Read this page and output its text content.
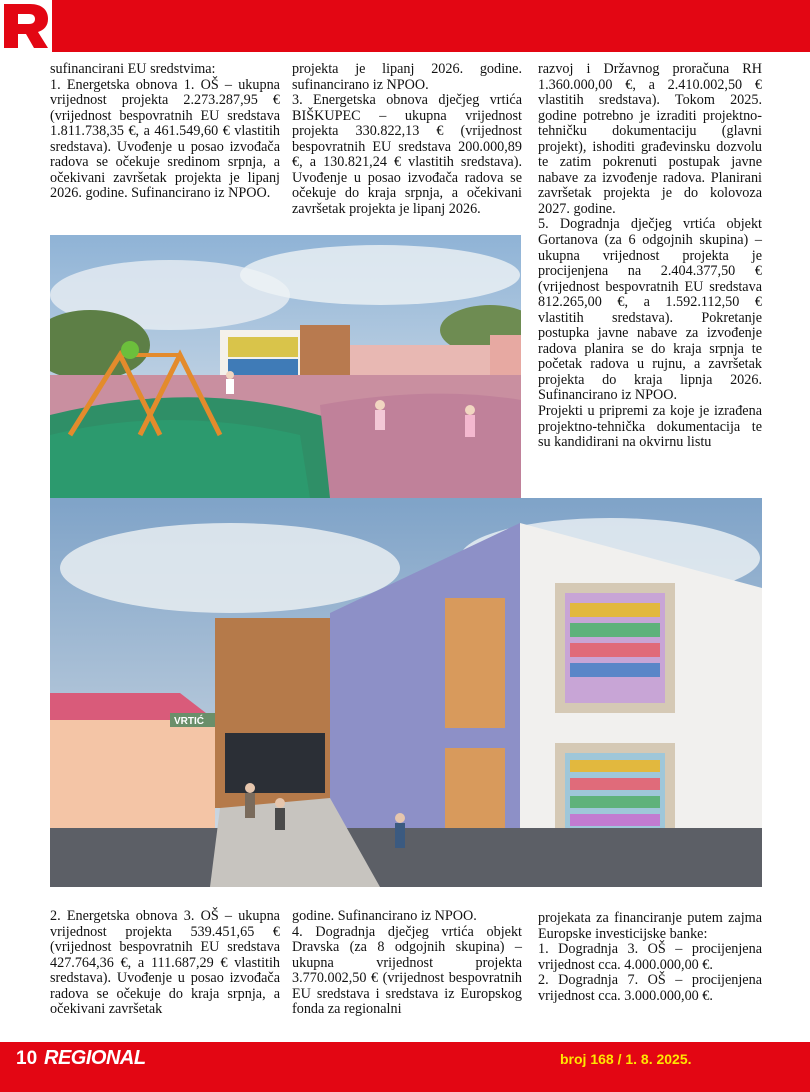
sufinancirani EU sredstvima:

1. Energetska obnova 1. OŠ – ukupna vrijednost projekta 2.273.287,95 € (vrijednost bespovratnih EU sredstava 1.811.738,35 €, a 461.549,60 € vlastitih sredstava). Uvođenje u posao izvođača radova se očekuje sredinom srpnja, a očekivani završetak projekta je lipanj 2026. godine. Sufinancirano iz NPOO.

projekta je lipanj 2026. godine. sufinancirano iz NPOO.

3. Energetska obnova dječjeg vrtića BIŠKUPEC – ukupna vrijednost projekta 330.822,13 € (vrijednost bespovratnih EU sredstava 200.000,89 €, a 130.821,24 € vlastitih sredstava). Uvođenje u posao izvođača radova se očekuje do kraja srpnja, a očekivani završetak projekta je lipanj 2026.

razvoj i Državnog proračuna RH 1.360.000,00 €, a 2.410.002,50 € vlastitih sredstava). Tokom 2025. godine potrebno je izraditi projektno-tehničku dokumentaciju (glavni projekt), ishoditi građevinsku dozvolu te zatim pokrenuti postupak javne nabave za izvođenje radova. Planirani završetak projekta je do kolovoza 2027. godine.

5. Dogradnja dječjeg vrtića objekt Gortanova (za 6 odgojnih skupina) – ukupna vrijednost projekta je procijenjena na 2.404.377,50 € (vrijednost bespovratnih EU sredstava 812.265,00 €, a 1.592.112,50 € vlastitih sredstava). Pokretanje postupka javne nabave za izvođenje radova planira se do kraja srpnja te početak radova u rujnu, a završetak projekta do kraja lipnja 2026. Sufinancirano iz NPOO.

Projekti u pripremi za koje je izrađena projektno-tehnička dokumentacija te su kandidirani na okvirnu listu

VRTIĆ

2. Energetska obnova 3. OŠ – ukupna vrijednost projekta 539.451,65 € (vrijednost bespovratnih EU sredstava 427.764,36 €, a 111.687,29 € vlastitih sredstava). Uvođenje u posao izvođača radova se očekuje do kraja srpnja, a očekivani završetak

godine. Sufinancirano iz NPOO.

4. Dogradnja dječjeg vrtića objekt Dravska (za 8 odgojnih skupina) – ukupna vrijednost projekta 3.770.002,50 € (vrijednost bespovratnih EU sredstava i sredstava iz Europskog fonda za regionalni

projekata za financiranje putem zajma Europske investicijske banke:

1. Dogradnja 3. OŠ – procijenjena vrijednost cca. 4.000.000,00 €.

2. Dogradnja 7. OŠ – procijenjena vrijednost cca. 3.000.000,00 €.

10 REGIONAL	broj 168 / 1. 8. 2025.
